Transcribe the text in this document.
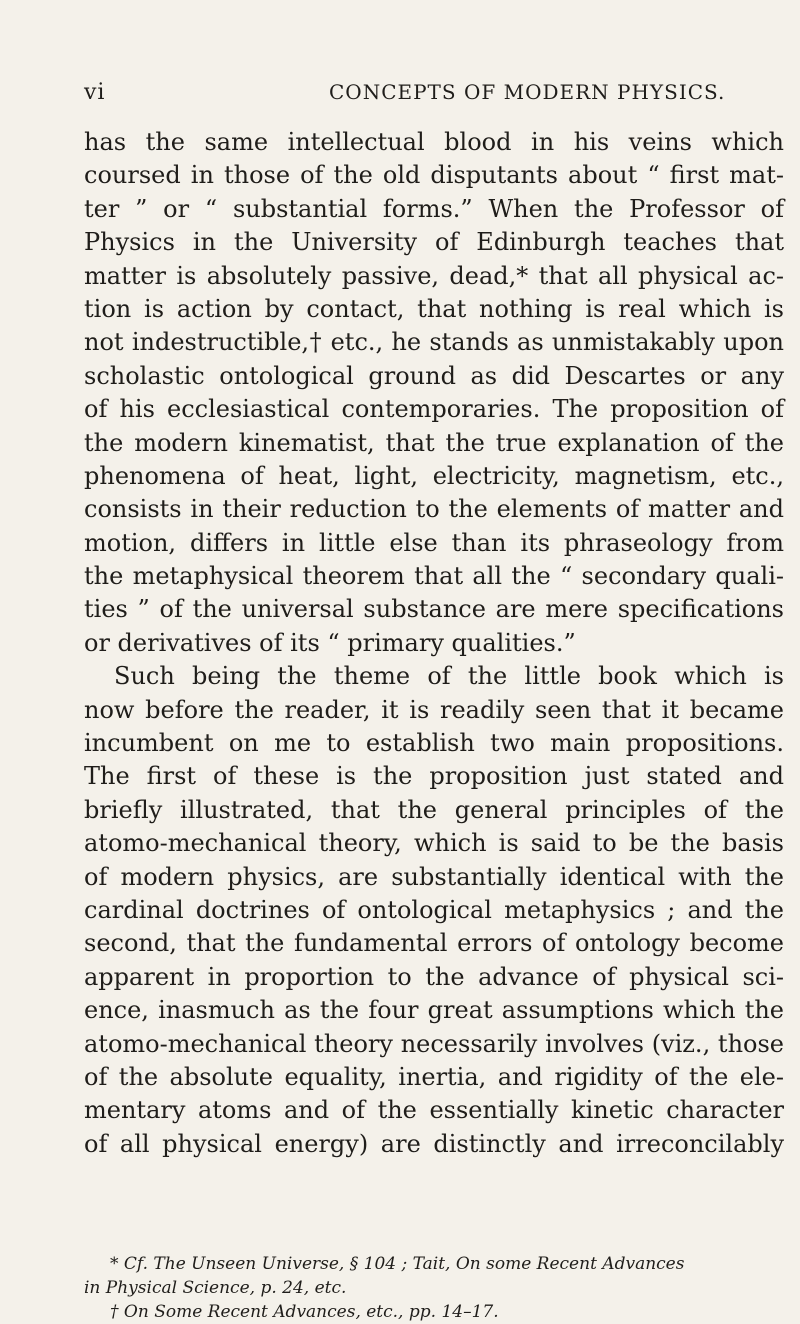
vi	CONCEPTS OF MODERN PHYSICS.
has the same intellectual blood in his veins which
coursed in those of the old disputants about “ first mat-
ter ” or “ substantial forms.” When the Professor of
Physics in the University of Edinburgh teaches that
matter is absolutely passive, dead,* that all physical ac-
tion is action by contact, that nothing is real which is
not indestructible,† etc., he stands as unmistakably upon
scholastic ontological ground as did Descartes or any
of his ecclesiastical contemporaries. The proposition of
the modern kinematist, that the true explanation of the
phenomena of heat, light, electricity, magnetism, etc.,
consists in their reduction to the elements of matter and
motion, differs in little else than its phraseology from
the metaphysical theorem that all the “ secondary quali-
ties ” of the universal substance are mere specifications
or derivatives of its “ primary qualities.”
Such being the theme of the little book which is
now before the reader, it is readily seen that it became
incumbent on me to establish two main propositions.
The first of these is the proposition just stated and
briefly illustrated, that the general principles of the
atomo-mechanical theory, which is said to be the basis
of modern physics, are substantially identical with the
cardinal doctrines of ontological metaphysics ; and the
second, that the fundamental errors of ontology become
apparent in proportion to the advance of physical sci-
ence, inasmuch as the four great assumptions which the
atomo-mechanical theory necessarily involves (viz., those
of the absolute equality, inertia, and rigidity of the ele-
mentary atoms and of the essentially kinetic character
of all physical energy) are distinctly and irreconcilably
* Cf. The Unseen Universe, § 104 ; Tait, On some Recent Advances
in Physical Science, p. 24, etc.
† On Some Recent Advances, etc., pp. 14–17.
